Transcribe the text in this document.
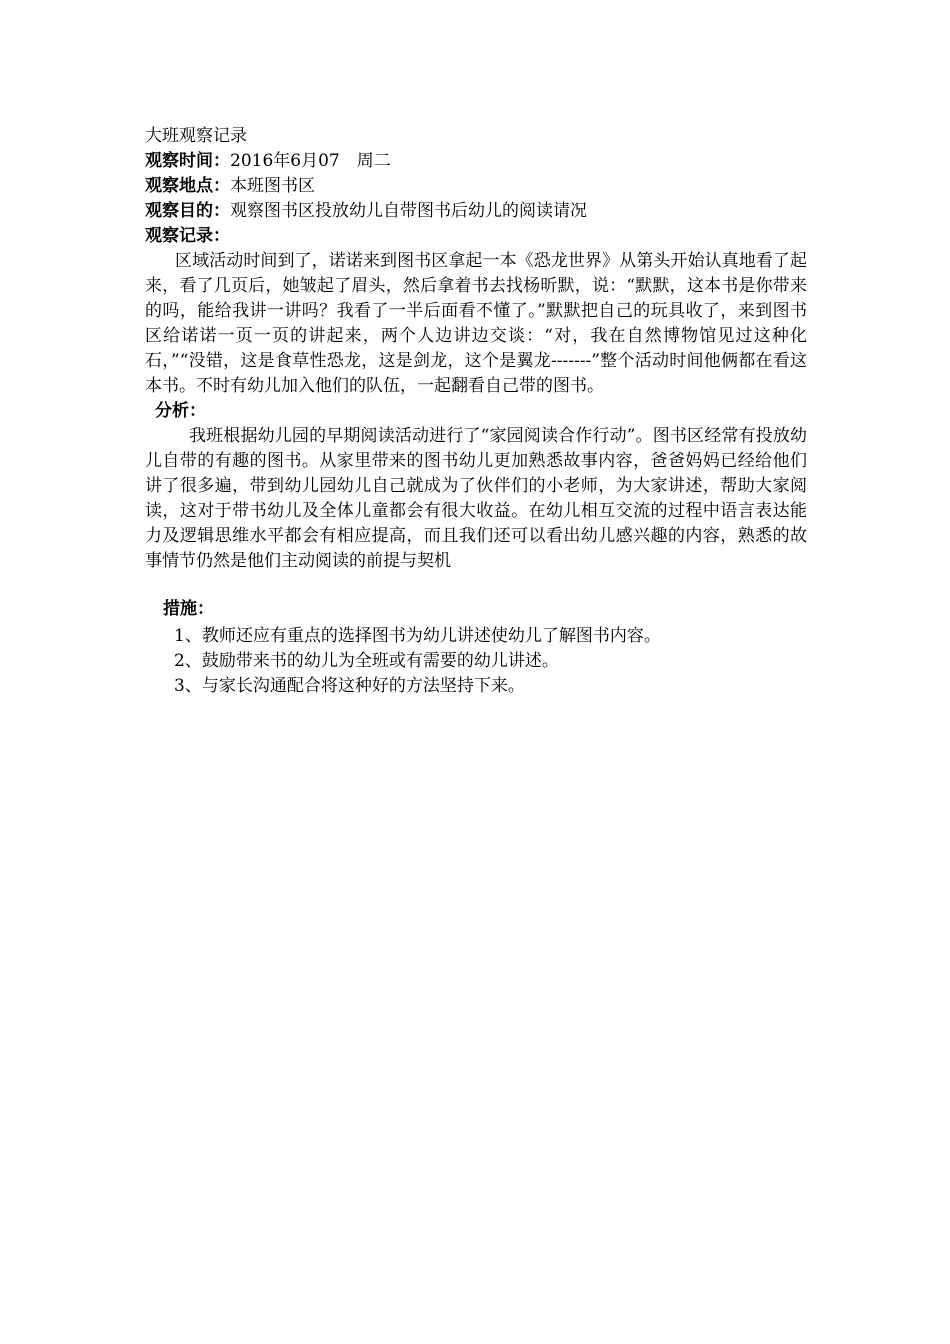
大班观察记录
观察时间：2016年6月07　周二
观察地点：本班图书区
观察目的：观察图书区投放幼儿自带图书后幼儿的阅读请况
观察记录：
区域活动时间到了，诺诺来到图书区拿起一本《恐龙世界》从第头开始认真地看了起来，看了几页后，她皱起了眉头，然后拿着书去找杨昕默，说：“默默，这本书是你带来的吗，能给我讲一讲吗？我看了一半后面看不懂了。”默默把自己的玩具收了，来到图书区给诺诺一页一页的讲起来，两个人边讲边交谈：“对，我在自然博物馆见过这种化石，”“没错，这是食草性恐龙，这是剑龙，这个是翼龙-------”整个活动时间他俩都在看这本书。不时有幼儿加入他们的队伍，一起翻看自己带的图书。
分析：
我班根据幼儿园的早期阅读活动进行了“家园阅读合作行动”。图书区经常有投放幼儿自带的有趣的图书。从家里带来的图书幼儿更加熟悉故事内容，爸爸妈妈已经给他们讲了很多遍，带到幼儿园幼儿自己就成为了伙伴们的小老师，为大家讲述，帮助大家阅读，这对于带书幼儿及全体儿童都会有很大收益。在幼儿相互交流的过程中语言表达能力及逻辑思维水平都会有相应提高，而且我们还可以看出幼儿感兴趣的内容，熟悉的故事情节仍然是他们主动阅读的前提与契机
措施：
1、教师还应有重点的选择图书为幼儿讲述使幼儿了解图书内容。
2、鼓励带来书的幼儿为全班或有需要的幼儿讲述。
3、与家长沟通配合将这种好的方法坚持下来。
